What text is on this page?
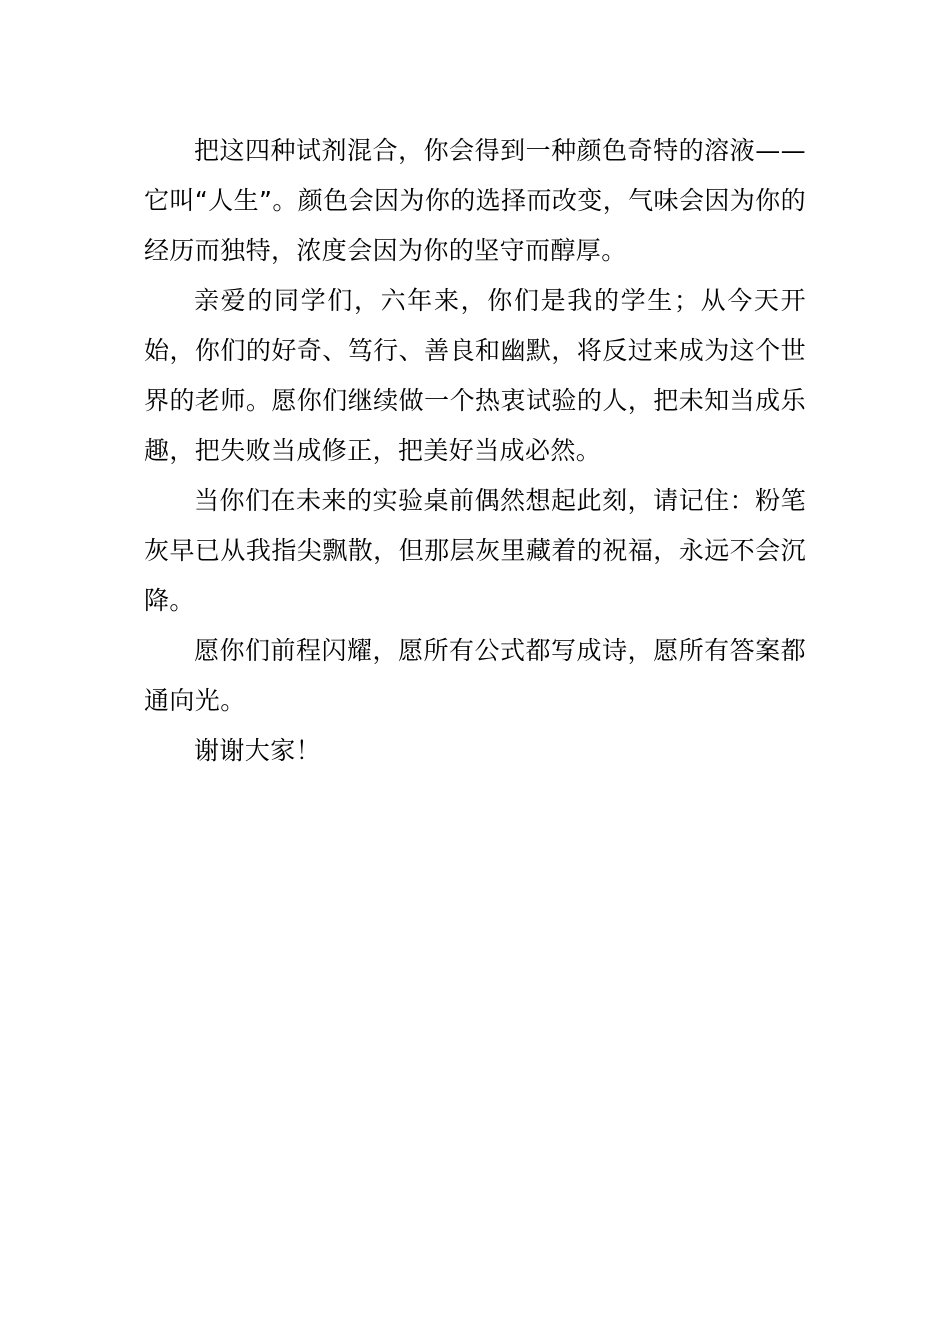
把这四种试剂混合，你会得到一种颜色奇特的溶液——它叫“人生”。颜色会因为你的选择而改变，气味会因为你的经历而独特，浓度会因为你的坚守而醇厚。

亲爱的同学们，六年来，你们是我的学生；从今天开始，你们的好奇、笃行、善良和幽默，将反过来成为这个世界的老师。愿你们继续做一个热衷试验的人，把未知当成乐趣，把失败当成修正，把美好当成必然。

当你们在未来的实验桌前偶然想起此刻，请记住：粉笔灰早已从我指尖飘散，但那层灰里藏着的祝福，永远不会沉降。

愿你们前程闪耀，愿所有公式都写成诗，愿所有答案都通向光。

谢谢大家！
